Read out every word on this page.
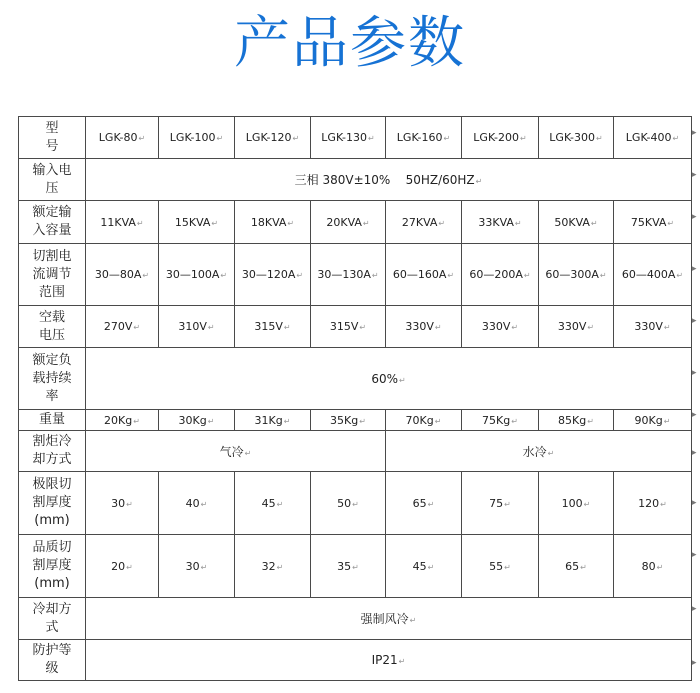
产品参数
型
号	LGK-80 ↵	LGK-100 ↵	LGK-120 ↵	LGK-130 ↵	LGK-160 ↵	LGK-200 ↵	LGK-300 ↵	LGK-400 ↵

输入电
压	三相 380V±10%    50HZ/60HZ ↵

额定输
入容量	11KVA ↵	15KVA ↵	18KVA ↵	20KVA ↵	27KVA ↵	33KVA ↵	50KVA ↵	75KVA ↵

切割电
流调节
范围	30—80A ↵	30—100A ↵	30—120A ↵	30—130A ↵	60—160A ↵	60—200A ↵	60—300A ↵	60—400A ↵

空载
电压	270V ↵	310V ↵	315V ↵	315V ↵	330V ↵	330V ↵	330V ↵	330V ↵

额定负
载持续
率	60% ↵

重量	20Kg ↵	30Kg ↵	31Kg ↵	35Kg ↵	70Kg ↵	75Kg ↵	85Kg ↵	90Kg ↵

割炬冷
却方式	气冷 ↵				水冷 ↵

极限切
割厚度
(mm)	30 ↵	40 ↵	45 ↵	50 ↵	65 ↵	75 ↵	100 ↵	120 ↵

品质切
割厚度
(mm)	20 ↵	30 ↵	32 ↵	35 ↵	45 ↵	55 ↵	65 ↵	80 ↵

冷却方
式	强制风冷 ↵

防护等
级	IP21 ↵
▸
▸
▸
▸
▸
▸
▸
▸
▸
▸
▸
▸
